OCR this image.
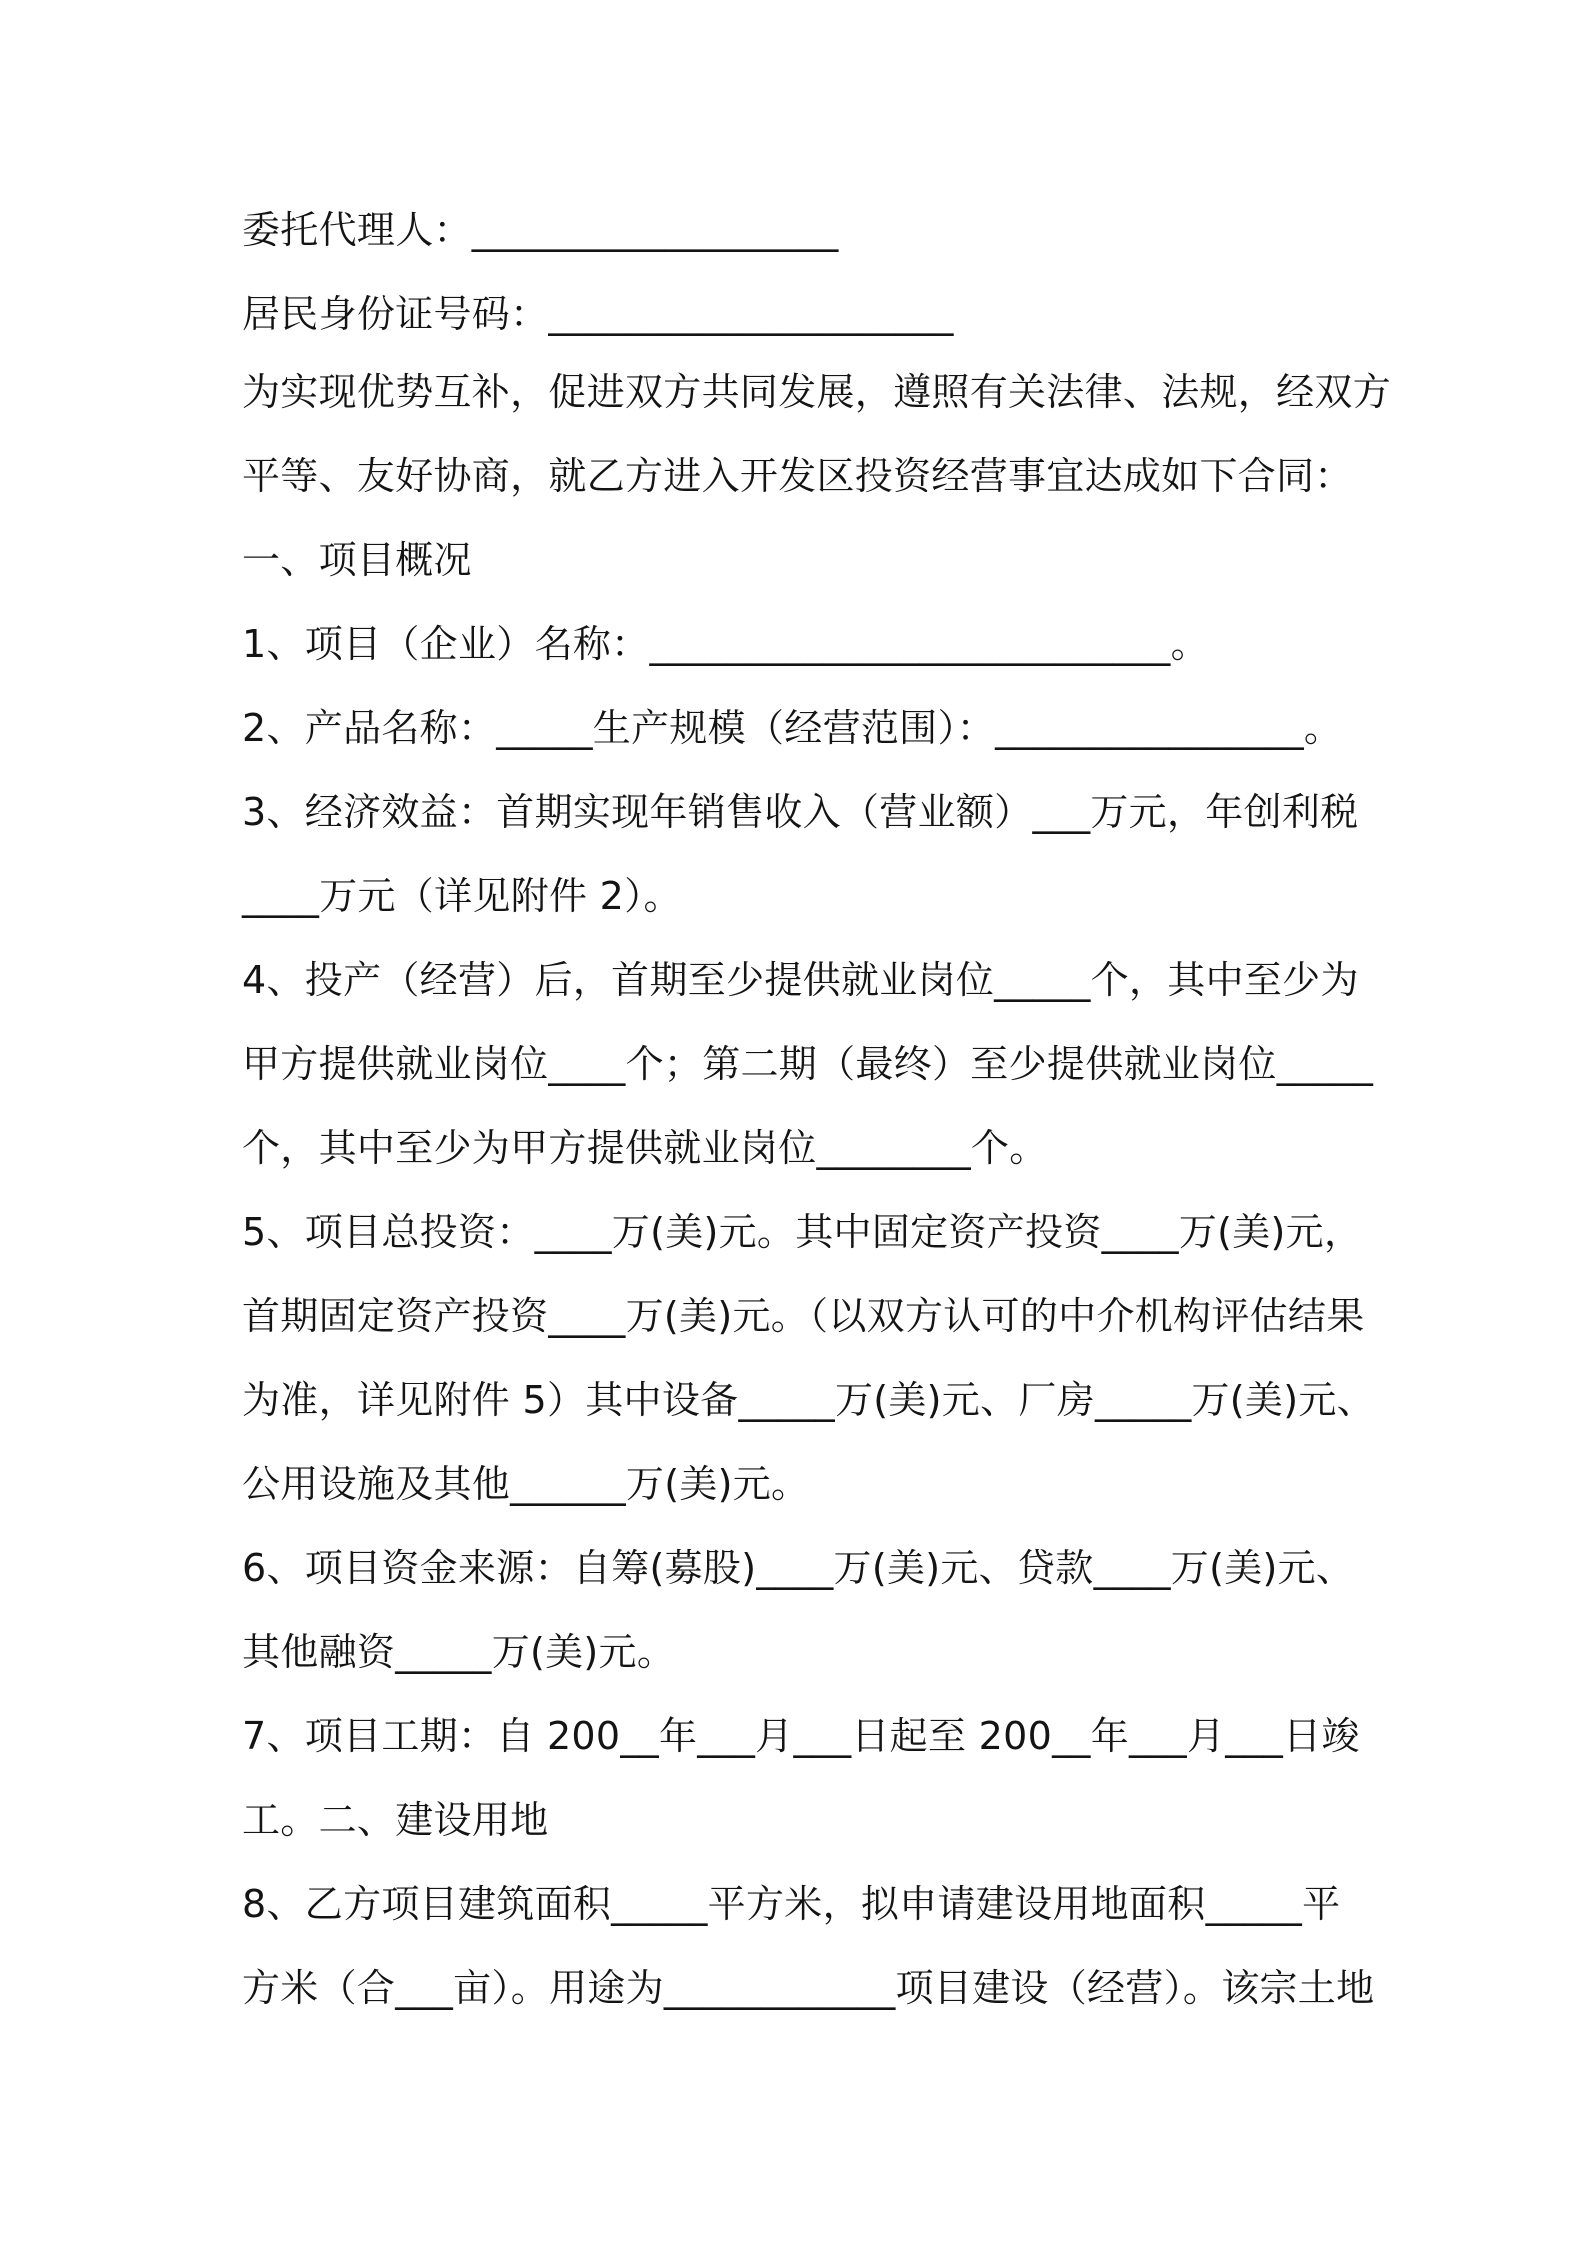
委托代理人：___________________
居民身份证号码：_____________________
为实现优势互补，促进双方共同发展，遵照有关法律、法规，经双方
平等、友好协商，就乙方进入开发区投资经营事宜达成如下合同：
一、项目概况
1、项目（企业）名称：___________________________。
2、产品名称：_____生产规模（经营范围）：________________。
3、经济效益：首期实现年销售收入（营业额）___万元，年创利税
____万元（详见附件 2）。
4、投产（经营）后，首期至少提供就业岗位_____个，其中至少为
甲方提供就业岗位____个；第二期（最终）至少提供就业岗位_____
个，其中至少为甲方提供就业岗位________个。
5、项目总投资：____万(美)元。其中固定资产投资____万(美)元，
首期固定资产投资____万(美)元。（以双方认可的中介机构评估结果
为准，详见附件 5）其中设备_____万(美)元、厂房_____万(美)元、
公用设施及其他______万(美)元。
6、项目资金来源：自筹(募股)____万(美)元、贷款____万(美)元、
其他融资_____万(美)元。
7、项目工期：自 200__年___月___日起至 200__年___月___日竣
工。二、建设用地
8、乙方项目建筑面积_____平方米，拟申请建设用地面积_____平
方米（合___亩）。用途为____________项目建设（经营）。该宗土地
